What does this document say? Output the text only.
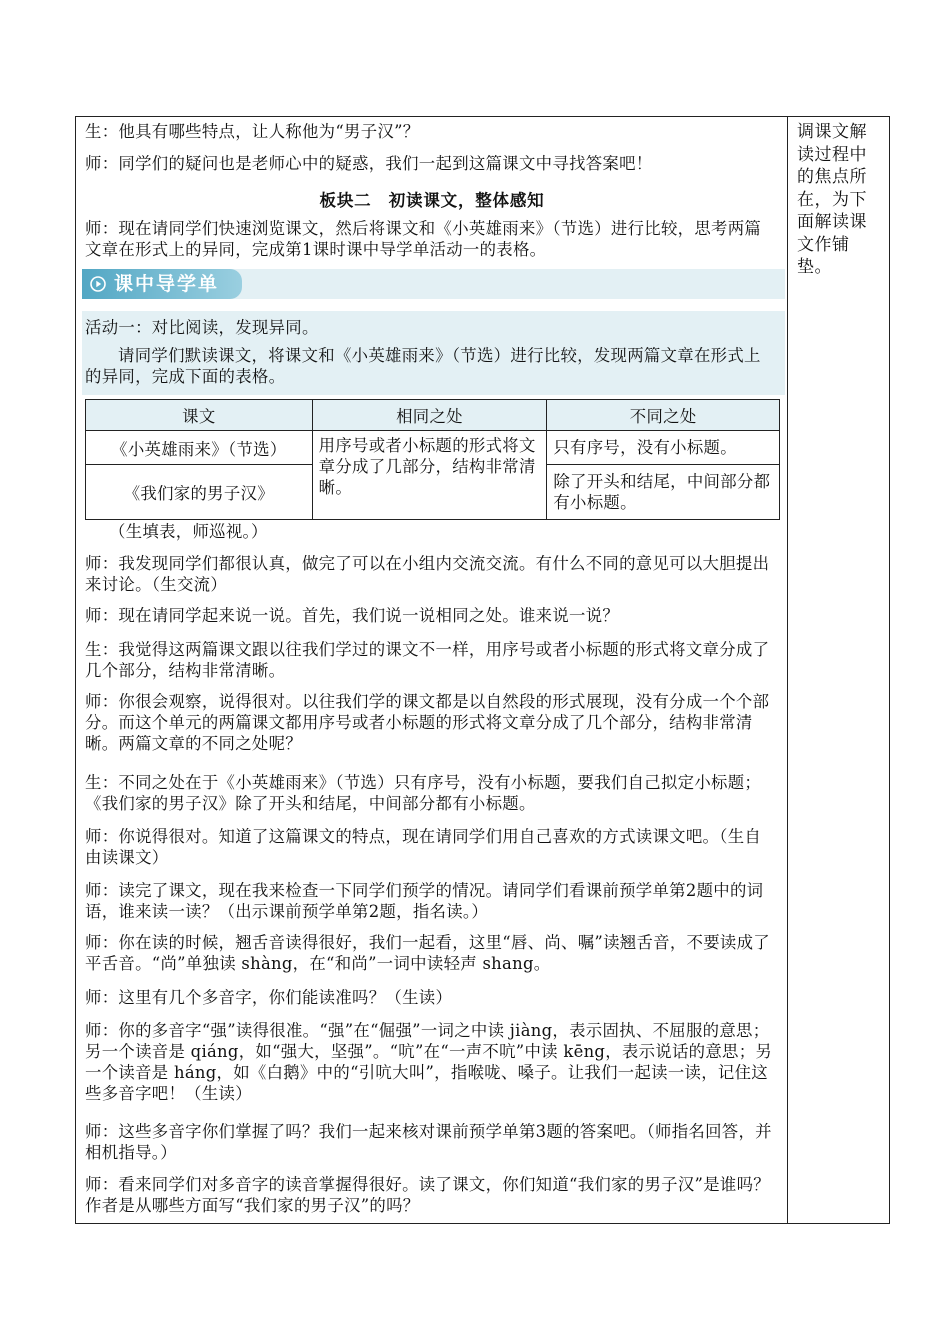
生：他具有哪些特点，让人称他为“男子汉”？

师：同学们的疑问也是老师心中的疑惑，我们一起到这篇课文中寻找答案吧！

板块二　初读课文，整体感知

师：现在请同学们快速浏览课文，然后将课文和《小英雄雨来》（节选）进行比较，思考两篇文章在形式上的异同，完成第1课时课中导学单活动一的表格。

课中导学单

活动一：对比阅读，发现异同。

请同学们默读课文，将课文和《小英雄雨来》（节选）进行比较，发现两篇文章在形式上的异同，完成下面的表格。

课文	相同之处	不同之处
《小英雄雨来》（节选）	用序号或者小标题的形式将文章分成了几部分，结构非常清晰。	只有序号，没有小标题。
《我们家的男子汉》		除了开头和结尾，中间部分都有小标题。

（生填表，师巡视。）

师：我发现同学们都很认真，做完了可以在小组内交流交流。有什么不同的意见可以大胆提出来讨论。（生交流）

师：现在请同学起来说一说。首先，我们说一说相同之处。谁来说一说？

生：我觉得这两篇课文跟以往我们学过的课文不一样，用序号或者小标题的形式将文章分成了几个部分，结构非常清晰。

师：你很会观察，说得很对。以往我们学的课文都是以自然段的形式展现，没有分成一个个部分。而这个单元的两篇课文都用序号或者小标题的形式将文章分成了几个部分，结构非常清晰。两篇文章的不同之处呢？

生：不同之处在于《小英雄雨来》（节选）只有序号，没有小标题，要我们自己拟定小标题；《我们家的男子汉》除了开头和结尾，中间部分都有小标题。

师：你说得很对。知道了这篇课文的特点，现在请同学们用自己喜欢的方式读课文吧。（生自由读课文）

师：读完了课文，现在我来检查一下同学们预学的情况。请同学们看课前预学单第2题中的词语，谁来读一读？（出示课前预学单第2题，指名读。）

师：你在读的时候，翘舌音读得很好，我们一起看，这里“唇、尚、嘱”读翘舌音，不要读成了平舌音。“尚”单独读 shàng，在“和尚”一词中读轻声 shang。

师：这里有几个多音字，你们能读准吗？（生读）

师：你的多音字“强”读得很准。“强”在“倔强”一词之中读 jiàng，表示固执、不屈服的意思；另一个读音是 qiáng，如“强大，坚强”。“吭”在“一声不吭”中读 kēng，表示说话的意思；另一个读音是 háng，如《白鹅》中的“引吭大叫”，指喉咙、嗓子。让我们一起读一读，记住这些多音字吧！（生读）

师：这些多音字你们掌握了吗？我们一起来核对课前预学单第3题的答案吧。（师指名回答，并相机指导。）

师：看来同学们对多音字的读音掌握得很好。读了课文，你们知道“我们家的男子汉”是谁吗？作者是从哪些方面写“我们家的男子汉”的吗？

调课文解读过程中的焦点所在，为下面解读课文作铺垫。
